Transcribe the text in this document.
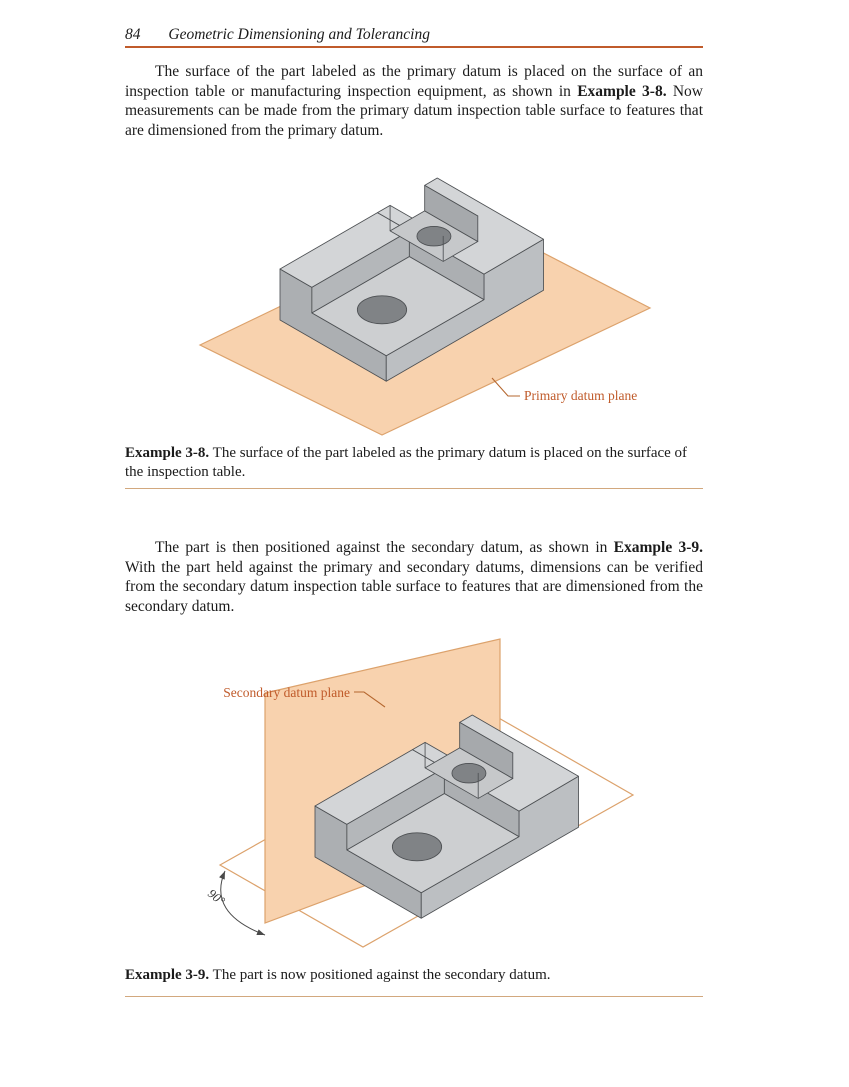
84 Geometric Dimensioning and Tolerancing

The surface of the part labeled as the primary datum is placed on the surface of an inspection table or manufacturing inspection equipment, as shown in Example 3-8. Now measurements can be made from the primary datum inspection table surface to features that are dimensioned from the primary datum.

Primary datum plane

Example 3-8. The surface of the part labeled as the primary datum is placed on the surface of the inspection table.

The part is then positioned against the secondary datum, as shown in Example 3-9. With the part held against the primary and secondary datums, dimensions can be verified from the secondary datum inspection table surface to features that are dimensioned from the secondary datum.

Secondary datum plane
90°

Example 3-9. The part is now positioned against the secondary datum.
